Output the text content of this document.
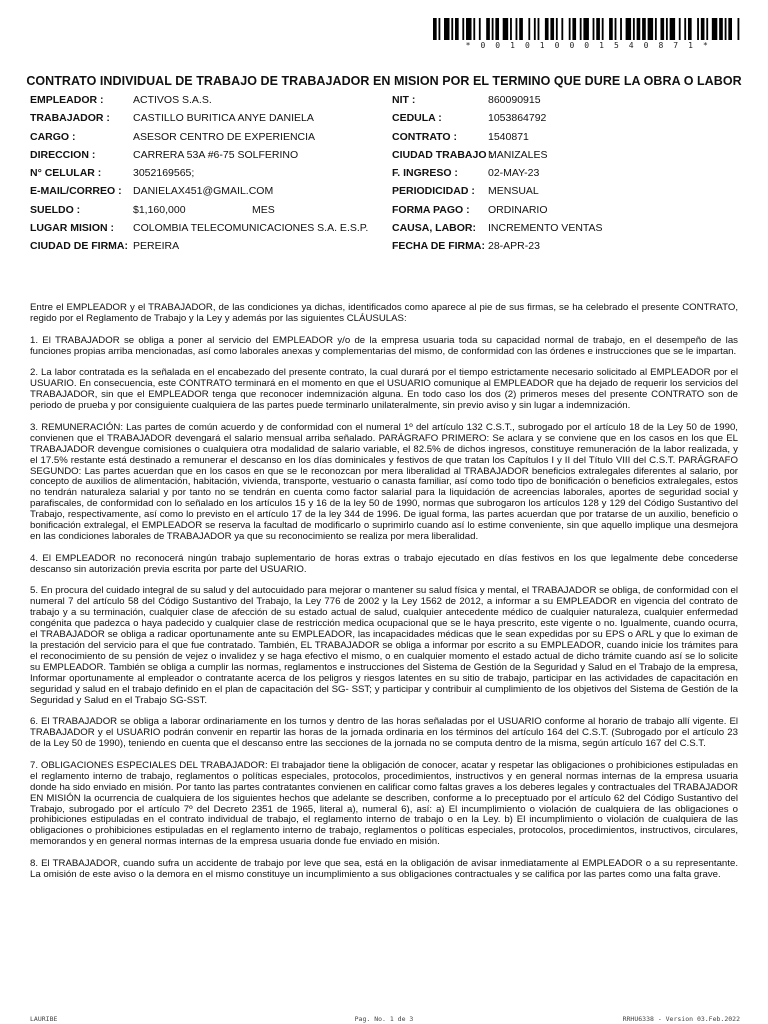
* 0 0 1 0 1 0 0 0 1 5 4 0 8 7 1 *
CONTRATO INDIVIDUAL DE TRABAJO DE TRABAJADOR EN MISION POR EL TERMINO QUE DURE LA OBRA O LABOR
EMPLEADOR :	ACTIVOS S.A.S.	NIT :	860090915
TRABAJADOR : CASTILLO BURITICA ANYE DANIELA	CEDULA :	1053864792
CARGO :	ASESOR CENTRO DE EXPERIENCIA	CONTRATO :	1540871
DIRECCION :	CARRERA 53A #6-75 SOLFERINO	CIUDAD TRABAJO :
MANIZALES
N° CELULAR :	3052169565;	F. INGRESO :	02-MAY-23
E-MAIL/CORREO : DANIELAX451@GMAIL.COM	PERIODICIDAD : MENSUAL
SUELDO :	$1,160,000	MES	FORMA PAGO : ORDINARIO
LUGAR MISION : COLOMBIA TELECOMUNICACIONES S.A. E.S.P. CAUSA, LABOR: INCREMENTO VENTAS
CIUDAD DE FIRMA: PEREIRA	FECHA DE FIRMA: 28-APR-23

Entre el EMPLEADOR y el TRABAJADOR, de las condiciones ya dichas, identificados como aparece al pie de sus firmas, se ha celebrado el presente CONTRATO, regido por el Reglamento de Trabajo y la Ley y además por las siguientes CLÁUSULAS:

1. El TRABAJADOR se obliga a poner al servicio del EMPLEADOR y/o de la empresa usuaria toda su capacidad normal de trabajo, en el desempeño de las funciones propias arriba mencionadas, así como laborales anexas y complementarias del mismo, de conformidad con las órdenes e instrucciones que se le impartan.

2. La labor contratada es la señalada en el encabezado del presente contrato, la cual durará por el tiempo estrictamente necesario solicitado al EMPLEADOR por el USUARIO. En consecuencia, este CONTRATO terminará en el momento en que el USUARIO comunique al EMPLEADOR que ha dejado de requerir los servicios del TRABAJADOR, sin que el EMPLEADOR tenga que reconocer indemnización alguna. En todo caso los dos (2) primeros meses del presente CONTRATO son de periodo de prueba y por consiguiente cualquiera de las partes puede terminarlo unilateralmente, sin previo aviso y sin lugar a indemnización.

3. REMUNERACIÓN: Las partes de común acuerdo y de conformidad con el numeral 1º del artículo 132 C.S.T., subrogado por el artículo 18 de la Ley 50 de 1990, convienen que el TRABAJADOR devengará el salario mensual arriba señalado. PARÁGRAFO PRIMERO: Se aclara y se conviene que en los casos en los que EL TRABAJADOR devengue comisiones o cualquiera otra modalidad de salario variable, el 82.5% de dichos ingresos, constituye remuneración de la labor realizada, y el 17.5% restante está destinado a remunerar el descanso en los días dominicales y festivos de que tratan los Capítulos I y II del Título VIII del C.S.T. PARÁGRAFO SEGUNDO: Las partes acuerdan que en los casos en que se le reconozcan por mera liberalidad al TRABAJADOR beneficios extralegales diferentes al salario, por concepto de auxilios de alimentación, habitación, vivienda, transporte, vestuario o canasta familiar, así como todo tipo de bonificación o beneficios extralegales, estos no tendrán naturaleza salarial y por tanto no se tendrán en cuenta como factor salarial para la liquidación de acreencias laborales, aportes de seguridad social y parafiscales, de conformidad con lo señalado en los artículos 15 y 16 de la ley 50 de 1990, normas que subrogaron los artículos 128 y 129 del Código Sustantivo del Trabajo, respectivamente, así como lo previsto en el artículo 17 de la ley 344 de 1996. De igual forma, las partes acuerdan que por tratarse de un auxilio, beneficio o bonificación extralegal, el EMPLEADOR se reserva la facultad de modificarlo o suprimirlo cuando así lo estime conveniente, sin que aquello implique una desmejora en las condiciones laborales de TRABAJADOR ya que su reconocimiento se realiza por mera liberalidad.

4. El EMPLEADOR no reconocerá ningún trabajo suplementario de horas extras o trabajo ejecutado en días festivos en los que legalmente debe concederse descanso sin autorización previa escrita por parte del USUARIO.

5. En procura del cuidado integral de su salud y del autocuidado para mejorar o mantener su salud física y mental, el TRABAJADOR se obliga, de conformidad con el numeral 7 del artículo 58 del Código Sustantivo del Trabajo, la Ley 776 de 2002 y la Ley 1562 de 2012, a informar a su EMPLEADOR en vigencia del contrato de trabajo y a su terminación, cualquier clase de afección de su estado actual de salud, cualquier antecedente médico de cualquier naturaleza, cualquier enfermedad congénita que padezca o haya padecido y cualquier clase de restricción medica ocupacional que se le haya prescrito, este vigente o no. Igualmente, cuando ocurra, el TRABAJADOR se obliga a radicar oportunamente ante su EMPLEADOR, las incapacidades médicas que le sean expedidas por su EPS o ARL y que lo eximan de la prestación del servicio para el que fue contratado. También, EL TRABAJADOR se obliga a informar por escrito a su EMPLEADOR, cuando inicie los trámites para el reconocimiento de su pensión de vejez o invalidez y se haga efectivo el mismo, o en cualquier momento el estado actual de dicho trámite cuando así se lo solicite su EMPLEADOR. También se obliga a cumplir las normas, reglamentos e instrucciones del Sistema de Gestión de la Seguridad y Salud en el Trabajo de la empresa, Informar oportunamente al empleador o contratante acerca de los peligros y riesgos latentes en su sitio de trabajo, participar en las actividades de capacitación en seguridad y salud en el trabajo definido en el plan de capacitación del SG- SST; y participar y contribuir al cumplimiento de los objetivos del Sistema de Gestión de la Seguridad y Salud en el Trabajo SG-SST.

6. El TRABAJADOR se obliga a laborar ordinariamente en los turnos y dentro de las horas señaladas por el USUARIO conforme al horario de trabajo allí vigente. El TRABAJADOR y el USUARIO podrán convenir en repartir las horas de la jornada ordinaria en los términos del artículo 164 del C.S.T. (Subrogado por el artículo 23 de la Ley 50 de 1990), teniendo en cuenta que el descanso entre las secciones de la jornada no se computa dentro de la misma, según artículo 167 del C.S.T.

7. OBLIGACIONES ESPECIALES DEL TRABAJADOR: El trabajador tiene la obligación de conocer, acatar y respetar las obligaciones o prohibiciones estipuladas en el reglamento interno de trabajo, reglamentos o políticas especiales, protocolos, procedimientos, instructivos y en general normas internas de la empresa usuaria donde ha sido enviado en misión. Por tanto las partes contratantes convienen en calificar como faltas graves a los deberes legales y contractuales del TRABAJADOR EN MISIÓN la ocurrencia de cualquiera de los siguientes hechos que adelante se describen, conforme a lo preceptuado por el artículo 62 del Código Sustantivo del Trabajo, subrogado por el artículo 7º del Decreto 2351 de 1965, literal a), numeral 6), así: a) El incumplimiento o violación de cualquiera de las obligaciones o prohibiciones estipuladas en el contrato individual de trabajo, el reglamento interno de trabajo o en la Ley. b) El incumplimiento o violación de cualquiera de las obligaciones o prohibiciones estipuladas en el reglamento interno de trabajo, reglamentos o políticas especiales, protocolos, procedimientos, instructivos, circulares, memorandos y en general normas internas de la empresa usuaria donde fue enviado en misión.

8. El TRABAJADOR, cuando sufra un accidente de trabajo por leve que sea, está en la obligación de avisar inmediatamente al EMPLEADOR o a su representante. La omisión de este aviso o la demora en el mismo constituye un incumplimiento a sus obligaciones contractuales y se califica por las partes como una falta grave.

LAURIBE	Pag. No. 1 de 3	RRHU6338 - Version 03.Feb.2022
